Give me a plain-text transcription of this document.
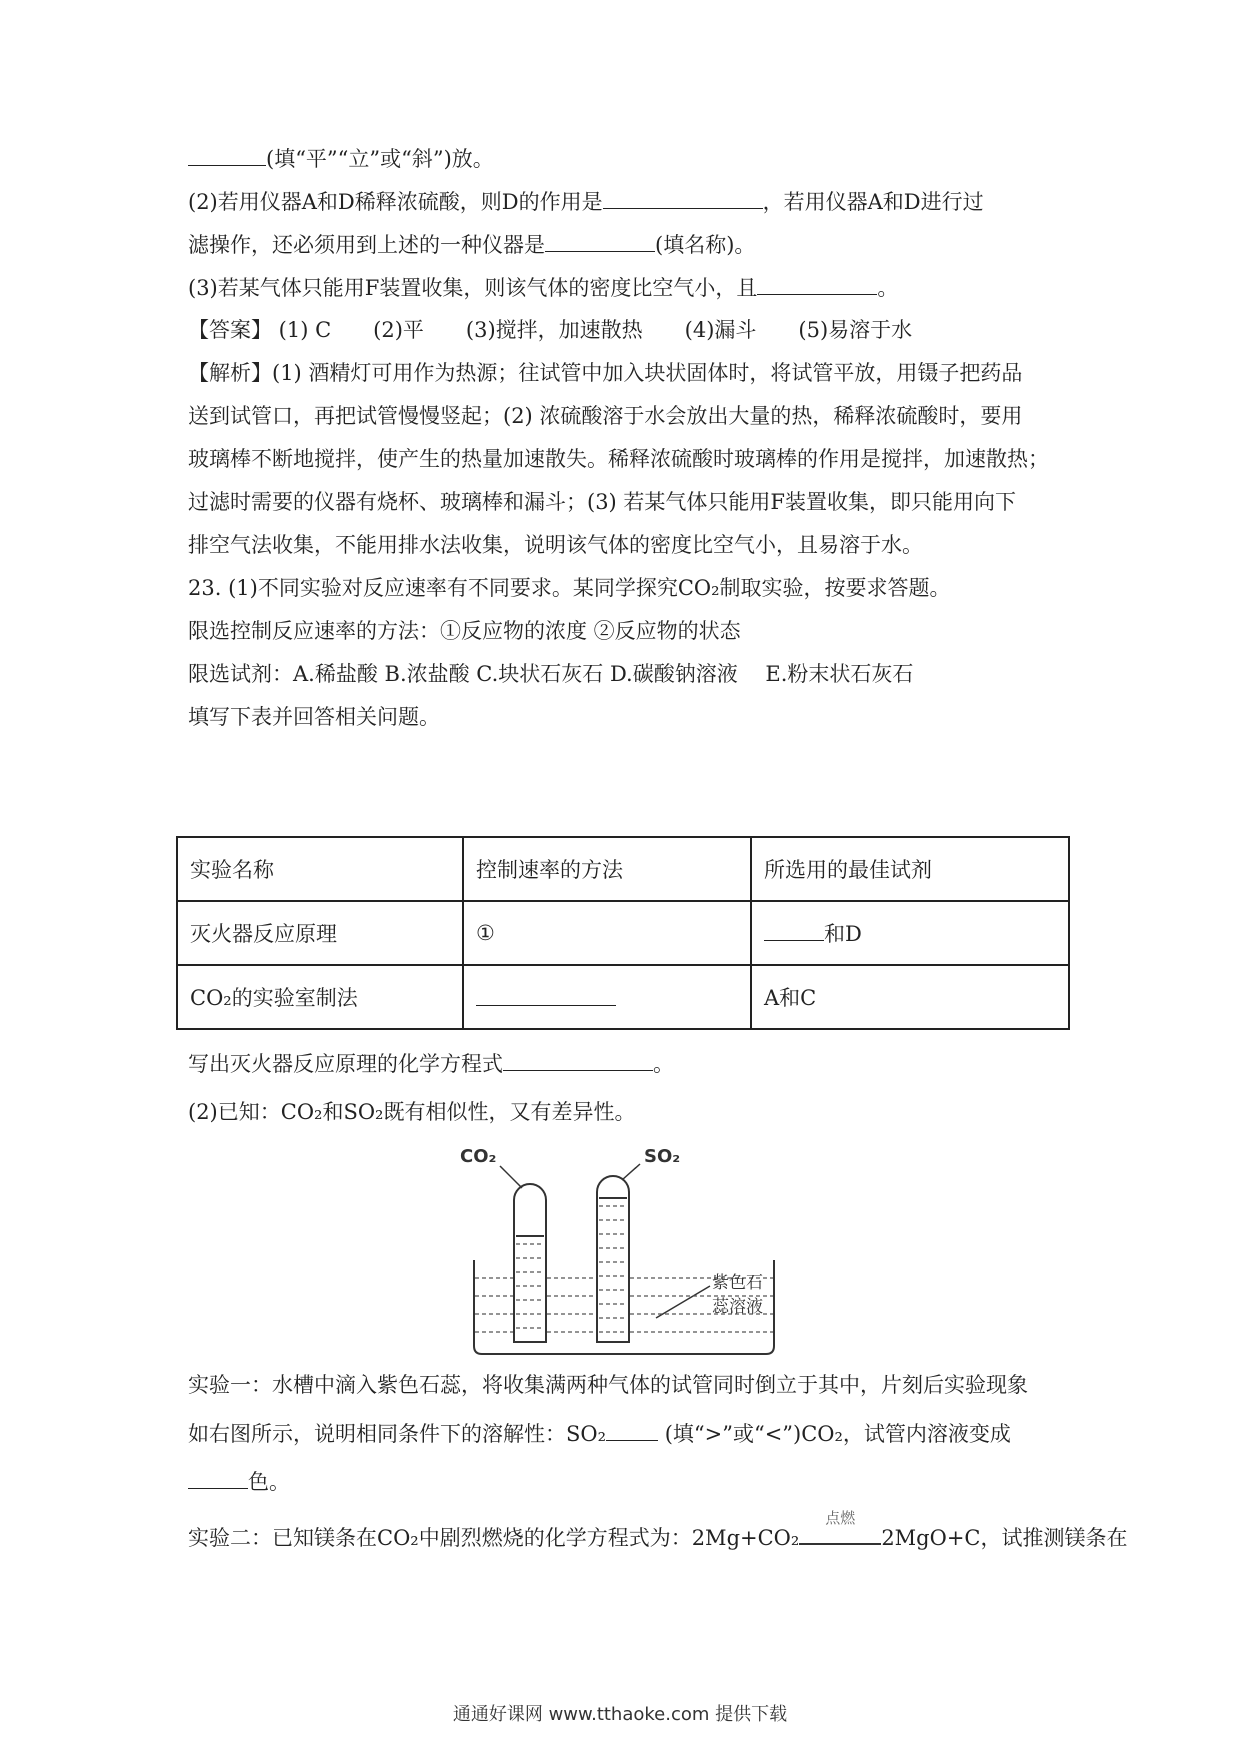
(填“平”“立”或“斜”)放。
(2)若用仪器A和D稀释浓硫酸，则D的作用是	，若用仪器A和D进行过
滤操作，还必须用到上述的一种仪器是	(填名称)。
(3)若某气体只能用F装置收集，则该气体的密度比空气小，且	。
【答案】 (1) C　　(2)平　　(3)搅拌，加速散热　　(4)漏斗　　(5)易溶于水
【解析】(1) 酒精灯可用作为热源；往试管中加入块状固体时，将试管平放，用镊子把药品
送到试管口，再把试管慢慢竖起；(2) 浓硫酸溶于水会放出大量的热，稀释浓硫酸时，要用
玻璃棒不断地搅拌，使产生的热量加速散失。稀释浓硫酸时玻璃棒的作用是搅拌，加速散热；
过滤时需要的仪器有烧杯、玻璃棒和漏斗；(3) 若某气体只能用F装置收集，即只能用向下
排空气法收集，不能用排水法收集，说明该气体的密度比空气小，且易溶于水。
23. (1)不同实验对反应速率有不同要求。某同学探究CO₂制取实验，按要求答题。
限选控制反应速率的方法：①反应物的浓度 ②反应物的状态
限选试剂：A.稀盐酸 B.浓盐酸 C.块状石灰石 D.碳酸钠溶液　 E.粉末状石灰石
填写下表并回答相关问题。
实验名称	控制速率的方法	所选用的最佳试剂
灭火器反应原理	①	和D
CO₂的实验室制法		A和C
写出灭火器反应原理的化学方程式	。
(2)已知：CO₂和SO₂既有相似性，又有差异性。
CO₂	SO₂
紫色石
蕊溶液
实验一：水槽中滴入紫色石蕊，将收集满两种气体的试管同时倒立于其中，片刻后实验现象
如右图所示，说明相同条件下的溶解性：SO₂ (填“>”或“<”)CO₂，试管内溶液变成
色。
实验二：已知镁条在CO₂中剧烈燃烧的化学方程式为：2Mg+CO₂
点燃
2MgO+C，试推测镁条在
通通好课网 www.tthaoke.com 提供下载
